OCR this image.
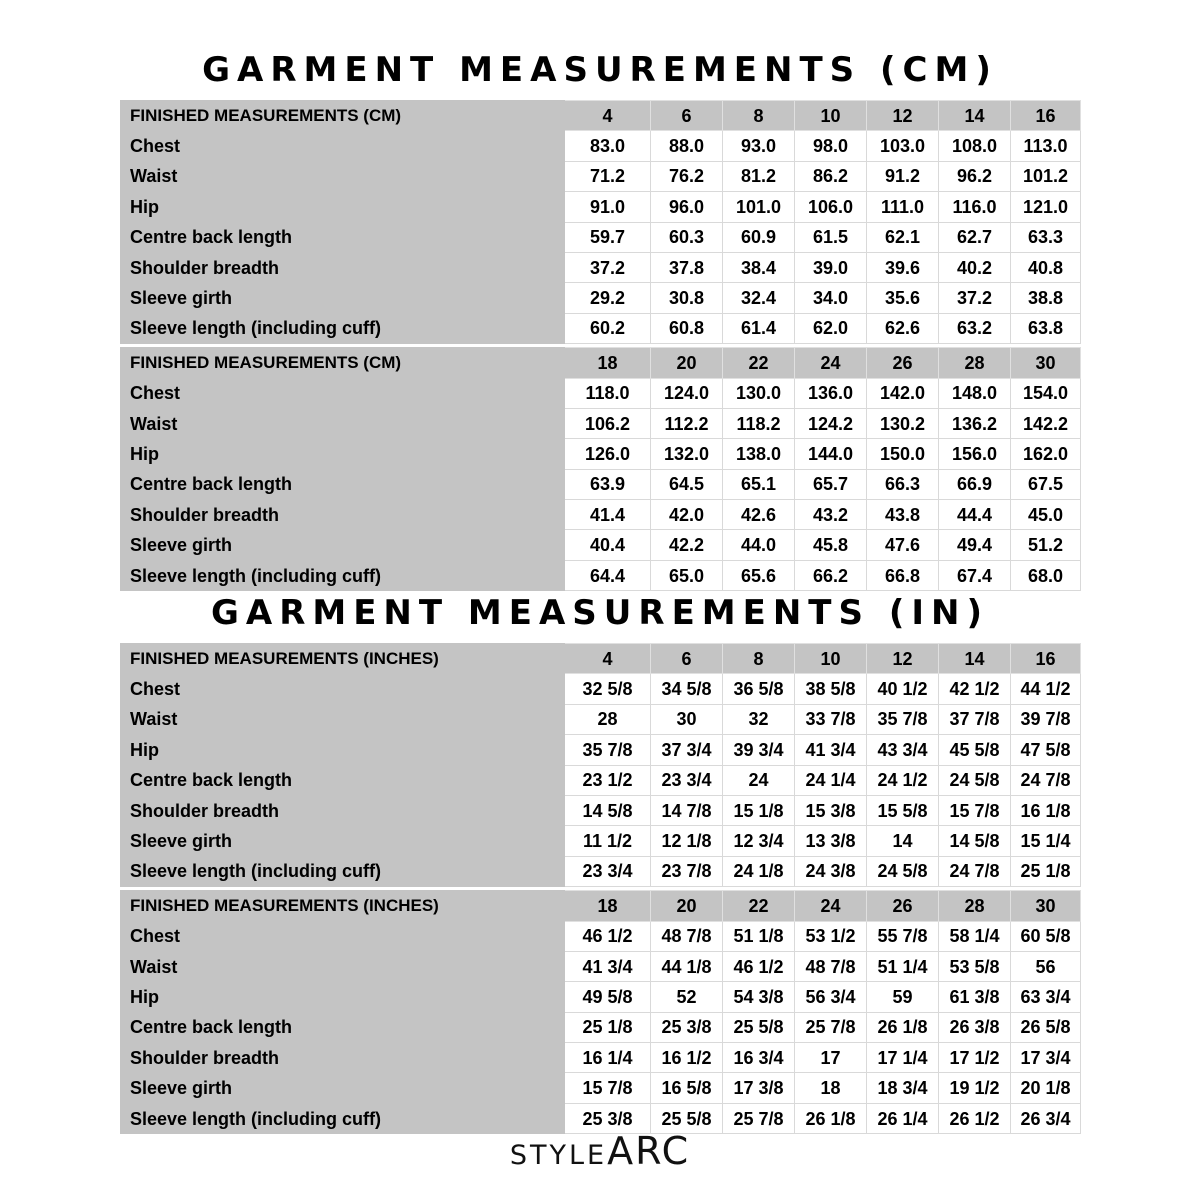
GARMENT MEASUREMENTS (CM)
FINISHED MEASUREMENTS (CM)	4	6	8	10	12	14	16
Chest	83.0	88.0	93.0	98.0	103.0	108.0	113.0
Waist	71.2	76.2	81.2	86.2	91.2	96.2	101.2
Hip	91.0	96.0	101.0	106.0	111.0	116.0	121.0
Centre back length	59.7	60.3	60.9	61.5	62.1	62.7	63.3
Shoulder breadth	37.2	37.8	38.4	39.0	39.6	40.2	40.8
Sleeve girth	29.2	30.8	32.4	34.0	35.6	37.2	38.8
Sleeve length (including cuff)	60.2	60.8	61.4	62.0	62.6	63.2	63.8

FINISHED MEASUREMENTS (CM)	18	20	22	24	26	28	30
Chest	118.0	124.0	130.0	136.0	142.0	148.0	154.0
Waist	106.2	112.2	118.2	124.2	130.2	136.2	142.2
Hip	126.0	132.0	138.0	144.0	150.0	156.0	162.0
Centre back length	63.9	64.5	65.1	65.7	66.3	66.9	67.5
Shoulder breadth	41.4	42.0	42.6	43.2	43.8	44.4	45.0
Sleeve girth	40.4	42.2	44.0	45.8	47.6	49.4	51.2
Sleeve length (including cuff)	64.4	65.0	65.6	66.2	66.8	67.4	68.0
GARMENT MEASUREMENTS (IN)
FINISHED MEASUREMENTS (INCHES)	4	6	8	10	12	14	16
Chest	32 5/8	34 5/8	36 5/8	38 5/8	40 1/2	42 1/2	44 1/2
Waist	28	30	32	33 7/8	35 7/8	37 7/8	39 7/8
Hip	35 7/8	37 3/4	39 3/4	41 3/4	43 3/4	45 5/8	47 5/8
Centre back length	23 1/2	23 3/4	24	24 1/4	24 1/2	24 5/8	24 7/8
Shoulder breadth	14 5/8	14 7/8	15 1/8	15 3/8	15 5/8	15 7/8	16 1/8
Sleeve girth	11 1/2	12 1/8	12 3/4	13 3/8	14	14 5/8	15 1/4
Sleeve length (including cuff)	23 3/4	23 7/8	24 1/8	24 3/8	24 5/8	24 7/8	25 1/8

FINISHED MEASUREMENTS (INCHES)	18	20	22	24	26	28	30
Chest	46 1/2	48 7/8	51 1/8	53 1/2	55 7/8	58 1/4	60 5/8
Waist	41 3/4	44 1/8	46 1/2	48 7/8	51 1/4	53 5/8	56
Hip	49 5/8	52	54 3/8	56 3/4	59	61 3/8	63 3/4
Centre back length	25 1/8	25 3/8	25 5/8	25 7/8	26 1/8	26 3/8	26 5/8
Shoulder breadth	16 1/4	16 1/2	16 3/4	17	17 1/4	17 1/2	17 3/4
Sleeve girth	15 7/8	16 5/8	17 3/8	18	18 3/4	19 1/2	20 1/8
Sleeve length (including cuff)	25 3/8	25 5/8	25 7/8	26 1/8	26 1/4	26 1/2	26 3/4
STYLEARC
